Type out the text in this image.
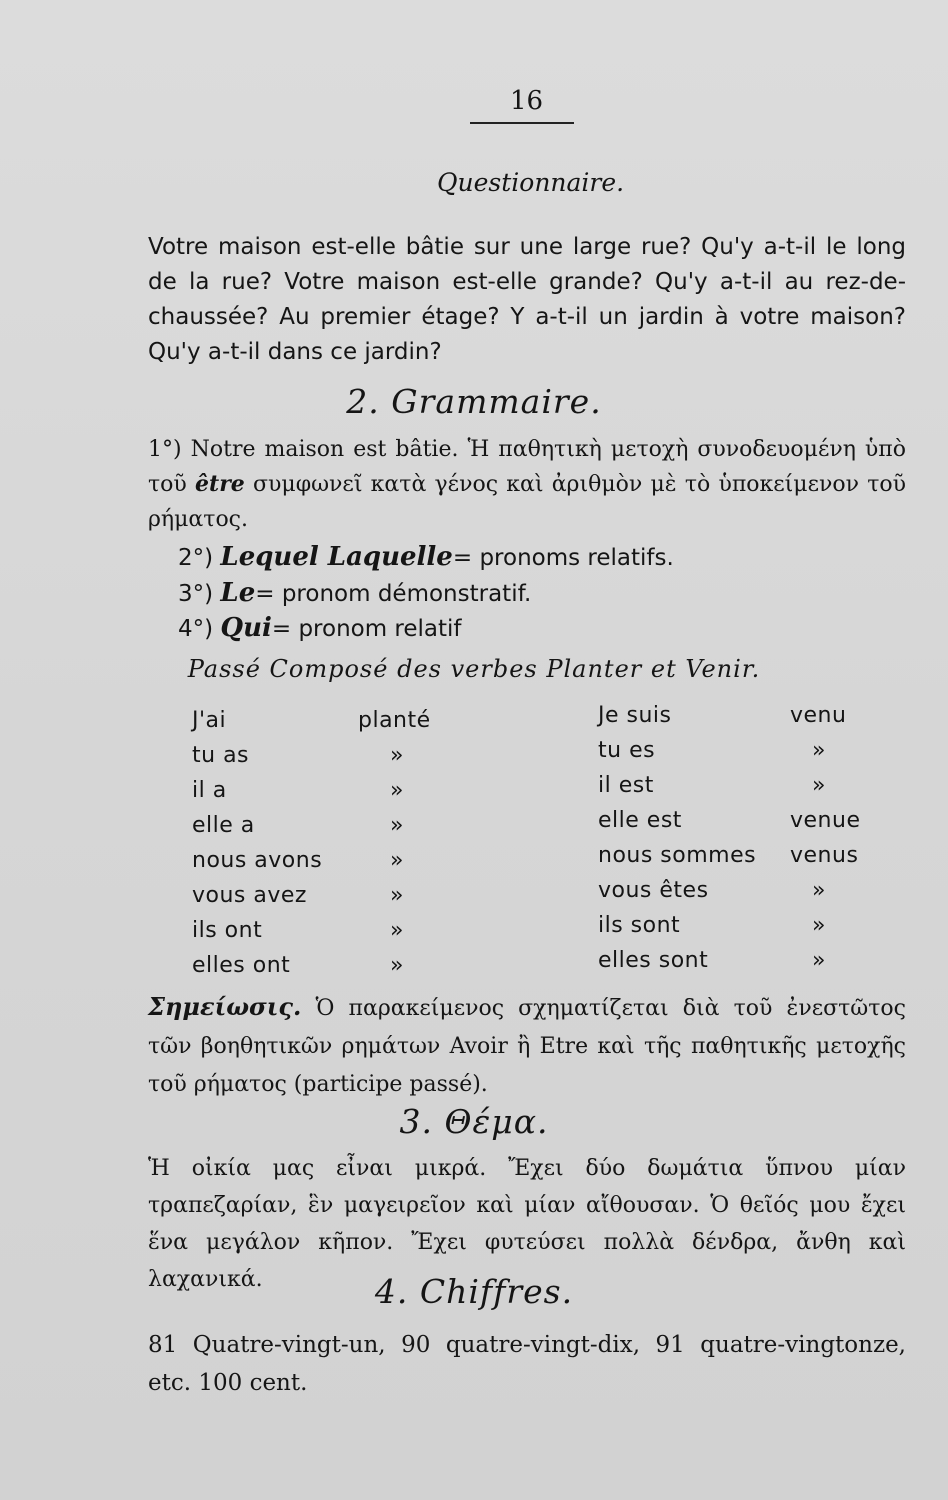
16
Questionnaire.
Votre maison est-elle bâtie sur une large rue? Qu'y a-t-il le long de la rue? Votre maison est-elle grande? Qu'y a-t-il au rez-de-chaussée? Au premier étage? Y a-t-il un jardin à votre maison? Qu'y a-t-il dans ce jardin?
2. Grammaire.
1°) Notre maison est bâtie. Ἡ παθητικὴ μετοχὴ συνοδευομένη ὑπὸ τοῦ être συμφωνεῖ κατὰ γένος καὶ ἀριθμὸν μὲ τὸ ὑποκείμενον τοῦ ρήματος.
2°) Lequel Laquelle= pronoms relatifs.
3°) Le= pronom démonstratif.
4°) Qui= pronom relatif
Passé Composé des verbes Planter et Venir.
J'ai	planté
tu as	»
il a	»
elle a	»
nous avons	»
vous avez	»
ils ont	»
elles ont	»
Je suis	venu
tu es	»
il est	»
elle est	venue
nous sommes venus
vous êtes	»
ils sont	»
elles sont	»
Σημείωσις. Ὁ παρακείμενος σχηματίζεται διὰ τοῦ ἐνεστῶτος τῶν βοηθητικῶν ρημάτων Avoir ἢ Etre καὶ τῆς παθητικῆς μετοχῆς τοῦ ρήματος (participe passé).
3. Θέμα.
Ἡ οἰκία μας εἶναι μικρά. Ἔχει δύο δωμάτια ὕπνου μίαν τραπεζαρίαν, ἓν μαγειρεῖον καὶ μίαν αἴθουσαν. Ὁ θεῖός μου ἔχει ἕνα μεγάλον κῆπον. Ἔχει φυτεύσει πολλὰ δένδρα, ἄνθη καὶ λαχανικά.	4. Chiffres.
81 Quatre-vingt-un, 90 quatre-vingt-dix, 91 quatre-vingtonze, etc. 100 cent.
